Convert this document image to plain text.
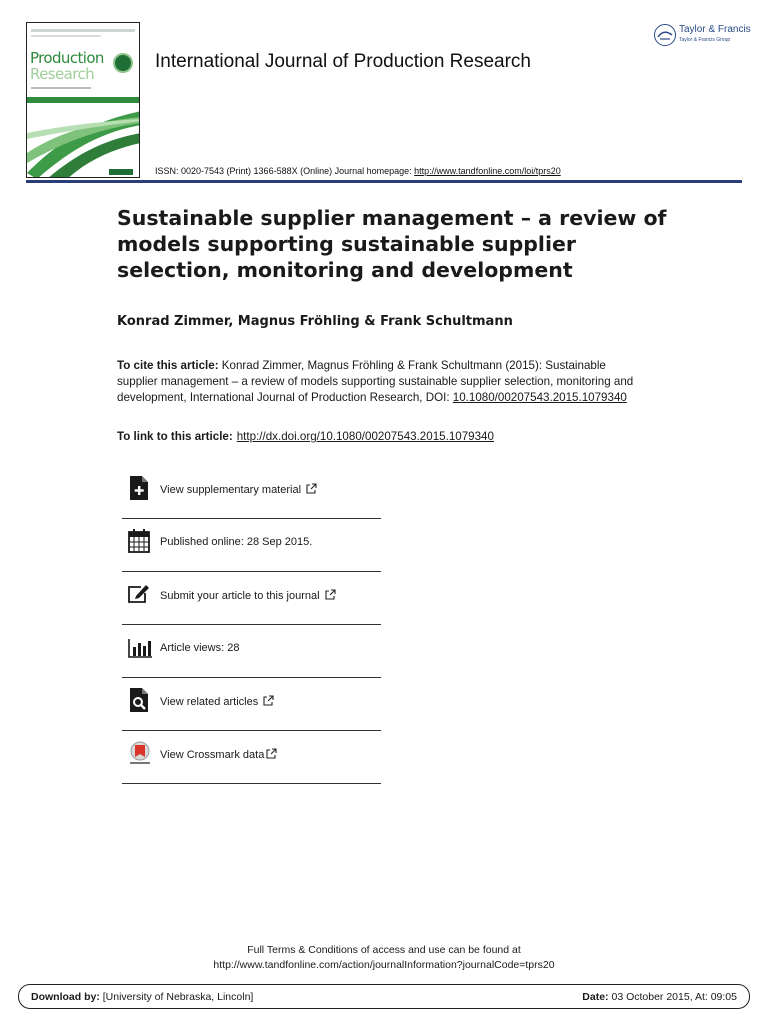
Production
Research
International Journal of Production Research
Taylor & Francis
Taylor & Francis Group
ISSN: 0020-7543 (Print) 1366-588X (Online) Journal homepage: http://www.tandfonline.com/loi/tprs20
Sustainable supplier management – a review of models supporting sustainable supplier selection, monitoring and development
Konrad Zimmer, Magnus Fröhling & Frank Schultmann
To cite this article: Konrad Zimmer, Magnus Fröhling & Frank Schultmann (2015): Sustainable supplier management – a review of models supporting sustainable supplier selection, monitoring and development, International Journal of Production Research, DOI: 10.1080/00207543.2015.1079340
To link to this article: http://dx.doi.org/10.1080/00207543.2015.1079340
View supplementary material
Published online: 28 Sep 2015.
Submit your article to this journal
Article views: 28
View related articles
View Crossmark data
Full Terms & Conditions of access and use can be found at
http://www.tandfonline.com/action/journalInformation?journalCode=tprs20
Download by: [University of Nebraska, Lincoln]	Date: 03 October 2015, At: 09:05
